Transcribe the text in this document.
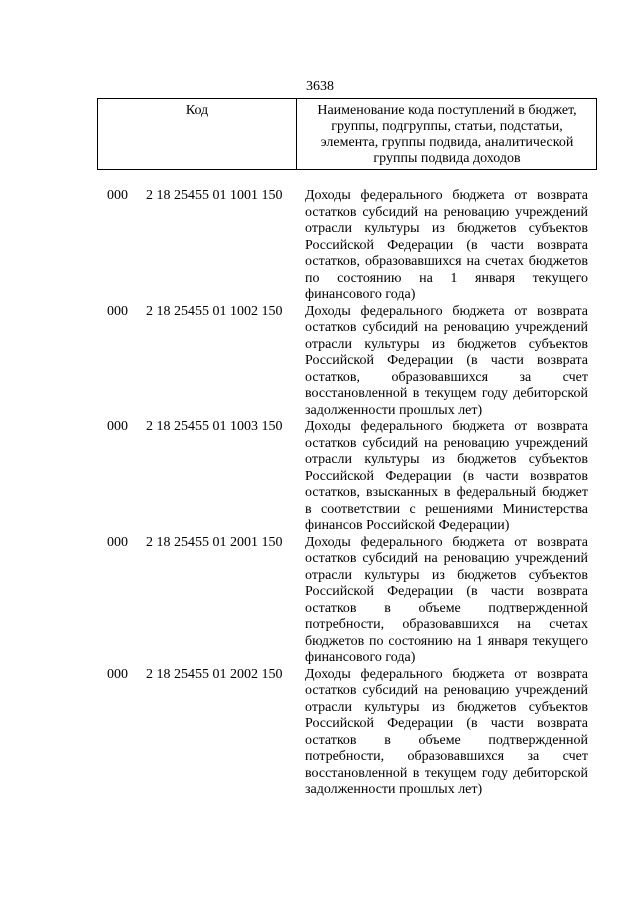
3638
Код	Наименование кода поступлений в бюджет, группы, подгруппы, статьи, подстатьи, элемента, группы подвида, аналитической группы подвида доходов
000 2 18 25455 01 1001 150 Доходы федерального бюджета от возврата остатков субсидий на реновацию учреждений отрасли культуры из бюджетов субъектов Российской Федерации (в части возврата остатков, образовавшихся на счетах бюджетов по состоянию на 1 января текущего финансового года)
000 2 18 25455 01 1002 150 Доходы федерального бюджета от возврата остатков субсидий на реновацию учреждений отрасли культуры из бюджетов субъектов Российской Федерации (в части возврата остатков, образовавшихся за счет восстановленной в текущем году дебиторской задолженности прошлых лет)
000 2 18 25455 01 1003 150 Доходы федерального бюджета от возврата остатков субсидий на реновацию учреждений отрасли культуры из бюджетов субъектов Российской Федерации (в части возвратов остатков, взысканных в федеральный бюджет в соответствии с решениями Министерства финансов Российской Федерации)
000 2 18 25455 01 2001 150 Доходы федерального бюджета от возврата остатков субсидий на реновацию учреждений отрасли культуры из бюджетов субъектов Российской Федерации (в части возврата остатков в объеме подтвержденной потребности, образовавшихся на счетах бюджетов по состоянию на 1 января текущего финансового года)
000 2 18 25455 01 2002 150 Доходы федерального бюджета от возврата остатков субсидий на реновацию учреждений отрасли культуры из бюджетов субъектов Российской Федерации (в части возврата остатков в объеме подтвержденной потребности, образовавшихся за счет восстановленной в текущем году дебиторской задолженности прошлых лет)
